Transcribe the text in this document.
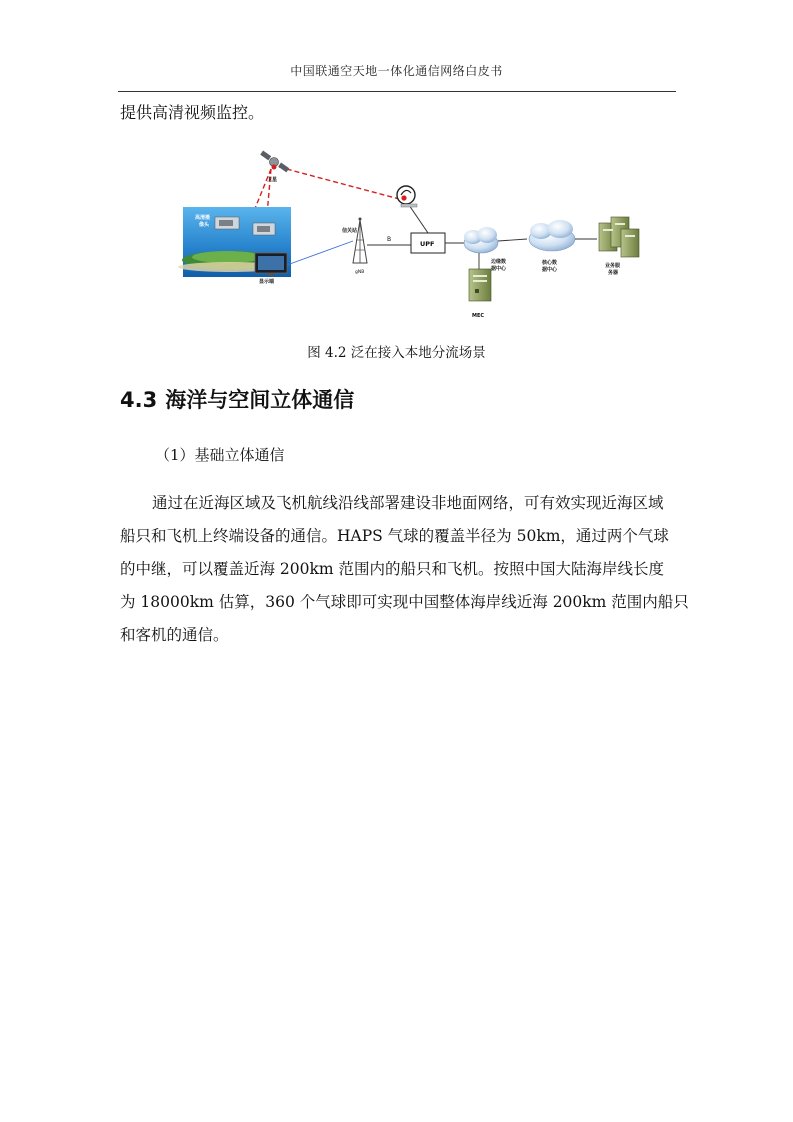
中国联通空天地一体化通信网络白皮书
提供高清视频监控。
高清摄
像头
显示端
卫星
信关站
gNB
B
UPF
边缘数
据中心
核心数
据中心
业务服
务器
MEC
图 4.2 泛在接入本地分流场景
4.3 海洋与空间立体通信
（1）基础立体通信
通过在近海区域及飞机航线沿线部署建设非地面网络，可有效实现近海区域
船只和飞机上终端设备的通信。HAPS 气球的覆盖半径为 50km，通过两个气球
的中继，可以覆盖近海 200km 范围内的船只和飞机。按照中国大陆海岸线长度
为 18000km 估算，360 个气球即可实现中国整体海岸线近海 200km 范围内船只
和客机的通信。
